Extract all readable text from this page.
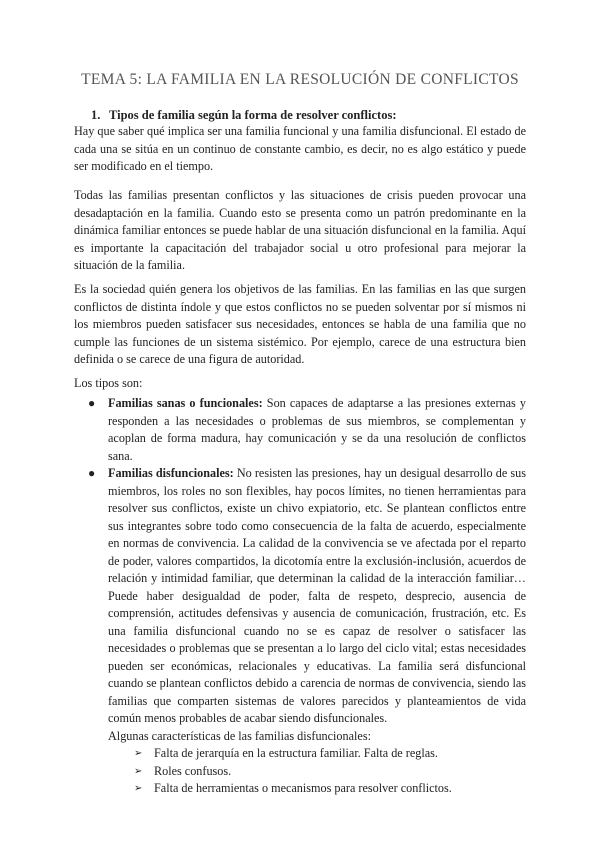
TEMA 5: LA FAMILIA EN LA RESOLUCIÓN DE CONFLICTOS
1. Tipos de familia según la forma de resolver conflictos:

Hay que saber qué implica ser una familia funcional y una familia disfuncional. El estado de cada una se sitúa en un continuo de constante cambio, es decir, no es algo estático y puede ser modificado en el tiempo.

Todas las familias presentan conflictos y las situaciones de crisis pueden provocar una desadaptación en la familia. Cuando esto se presenta como un patrón predominante en la dinámica familiar entonces se puede hablar de una situación disfuncional en la familia. Aquí es importante la capacitación del trabajador social u otro profesional para mejorar la situación de la familia.

Es la sociedad quién genera los objetivos de las familias. En las familias en las que surgen conflictos de distinta índole y que estos conflictos no se pueden solventar por sí mismos ni los miembros pueden satisfacer sus necesidades, entonces se habla de una familia que no cumple las funciones de un sistema sistémico. Por ejemplo, carece de una estructura bien definida o se carece de una figura de autoridad.

Los tipos son:

● Familias sanas o funcionales: Son capaces de adaptarse a las presiones externas y responden a las necesidades o problemas de sus miembros, se complementan y acoplan de forma madura, hay comunicación y se da una resolución de conflictos sana.
● Familias disfuncionales: No resisten las presiones, hay un desigual desarrollo de sus miembros, los roles no son flexibles, hay pocos límites, no tienen herramientas para resolver sus conflictos, existe un chivo expiatorio, etc. Se plantean conflictos entre sus integrantes sobre todo como consecuencia de la falta de acuerdo, especialmente en normas de convivencia. La calidad de la convivencia se ve afectada por el reparto de poder, valores compartidos, la dicotomía entre la exclusión-inclusión, acuerdos de relación y intimidad familiar, que determinan la calidad de la interacción familiar… Puede haber desigualdad de poder, falta de respeto, desprecio, ausencia de comprensión, actitudes defensivas y ausencia de comunicación, frustración, etc. Es una familia disfuncional cuando no se es capaz de resolver o satisfacer las necesidades o problemas que se presentan a lo largo del ciclo vital; estas necesidades pueden ser económicas, relacionales y educativas. La familia será disfuncional cuando se plantean conflictos debido a carencia de normas de convivencia, siendo las familias que comparten sistemas de valores parecidos y planteamientos de vida común menos probables de acabar siendo disfuncionales.

Algunas características de las familias disfuncionales:

➢ Falta de jerarquía en la estructura familiar. Falta de reglas.
➢ Roles confusos.
➢ Falta de herramientas o mecanismos para resolver conflictos.
